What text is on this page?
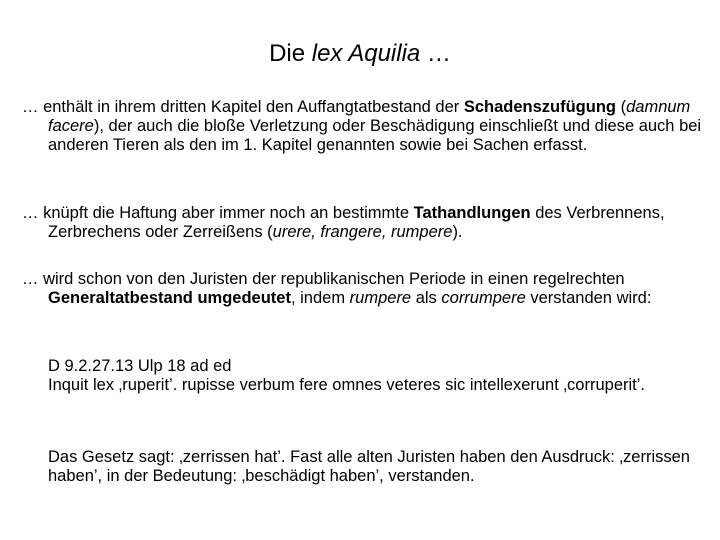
Die lex Aquilia …
… enthält in ihrem dritten Kapitel den Auffangtatbestand der Schadenszufügung (damnum facere), der auch die bloße Verletzung oder Beschädigung einschließt und diese auch bei anderen Tieren als den im 1. Kapitel genannten sowie bei Sachen erfasst.
… knüpft die Haftung aber immer noch an bestimmte Tathandlungen des Verbrennens, Zerbrechens oder Zerreißens (urere, frangere, rumpere).
… wird schon von den Juristen der republikanischen Periode in einen regelrechten Generaltatbestand umgedeutet, indem rumpere als corrumpere verstanden wird:
D 9.2.27.13 Ulp 18 ad ed
Inquit lex ‚ruperit’. rupisse verbum fere omnes veteres sic intellexerunt ‚corruperit’.
Das Gesetz sagt: ‚zerrissen hat’. Fast alle alten Juristen haben den Ausdruck: ‚zerrissen haben’, in der Bedeutung: ‚beschädigt haben’, verstanden.
